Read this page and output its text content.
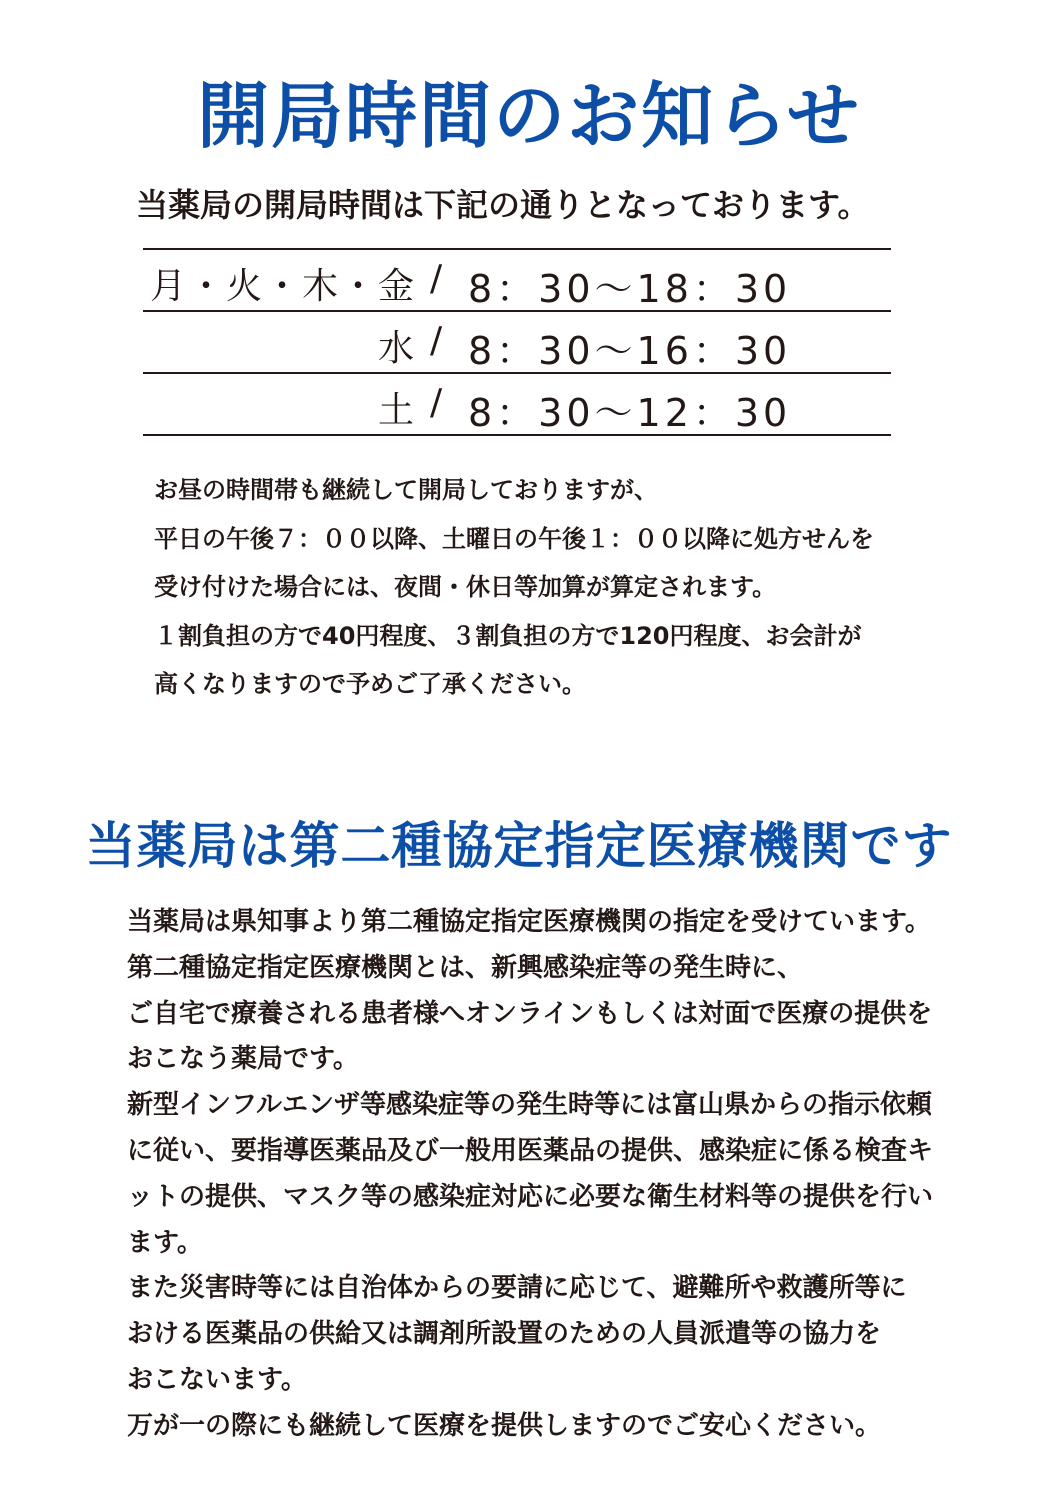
開局時間のお知らせ
当薬局の開局時間は下記の通りとなっております。
月・火・木・金 / 8：30〜18：30
水 / 8：30〜16：30
土 / 8：30〜12：30

お昼の時間帯も継続して開局しておりますが、

平日の午後７：００以降、土曜日の午後１：００以降に処方せんを

受け付けた場合には、夜間・休日等加算が算定されます。

１割負担の方で40円程度、３割負担の方で120円程度、お会計が

高くなりますので予めご了承ください。

当薬局は第二種協定指定医療機関です

当薬局は県知事より第二種協定指定医療機関の指定を受けています。

第二種協定指定医療機関とは、新興感染症等の発生時に、

ご自宅で療養される患者様へオンラインもしくは対面で医療の提供を

おこなう薬局です。

新型インフルエンザ等感染症等の発生時等には富山県からの指示依頼

に従い、要指導医薬品及び一般用医薬品の提供、感染症に係る検査キ

ットの提供、マスク等の感染症対応に必要な衛生材料等の提供を行い

ます。

また災害時等には自治体からの要請に応じて、避難所や救護所等に

おける医薬品の供給又は調剤所設置のための人員派遣等の協力を

おこないます。

万が一の際にも継続して医療を提供しますのでご安心ください。
